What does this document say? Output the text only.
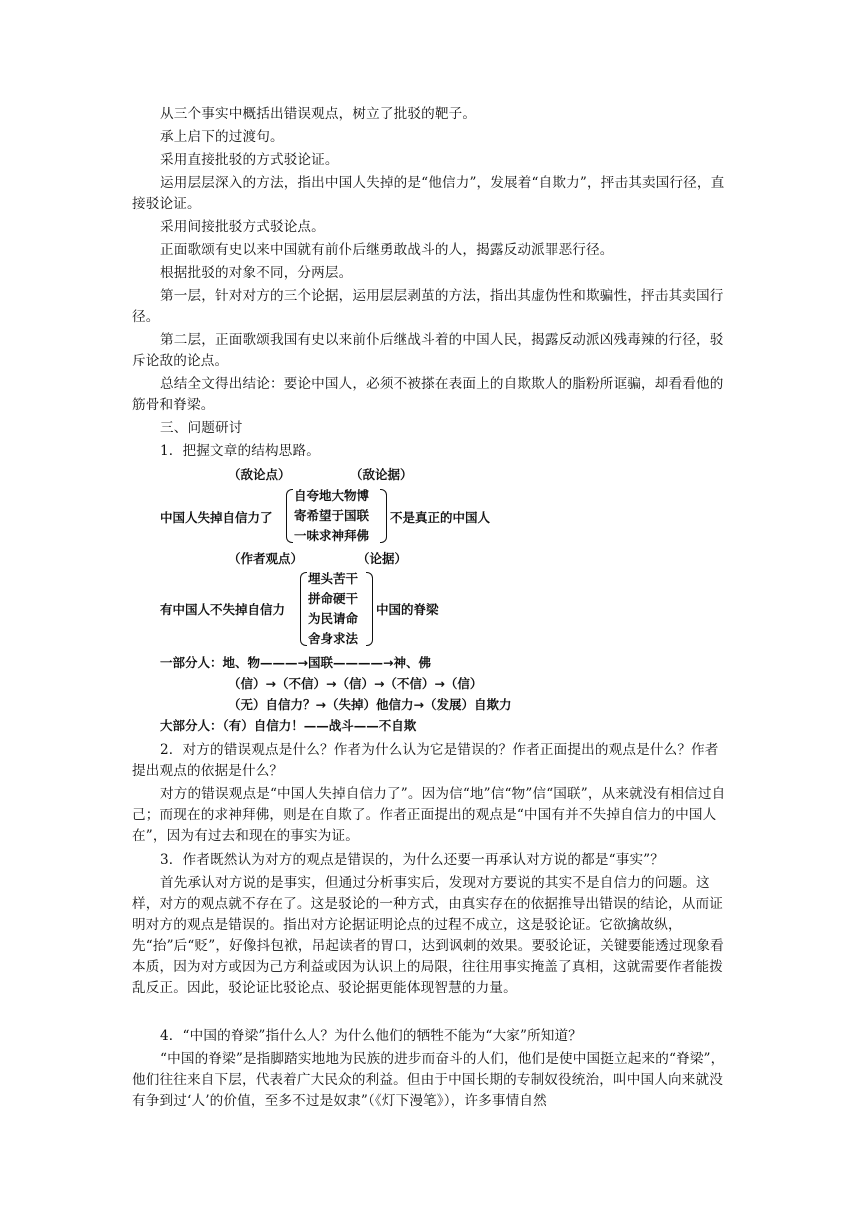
从三个事实中概括出错误观点，树立了批驳的靶子。
承上启下的过渡句。
采用直接批驳的方式驳论证。
运用层层深入的方法，指出中国人失掉的是“他信力”，发展着“自欺力”，抨击其卖国行径，直接驳论证。
采用间接批驳方式驳论点。
正面歌颂有史以来中国就有前仆后继勇敢战斗的人，揭露反动派罪恶行径。
根据批驳的对象不同，分两层。
第一层，针对对方的三个论据，运用层层剥茧的方法，指出其虚伪性和欺骗性，抨击其卖国行径。
第二层，正面歌颂我国有史以来前仆后继战斗着的中国人民，揭露反动派凶残毒辣的行径，驳斥论敌的论点。
总结全文得出结论：要论中国人，必须不被搽在表面上的自欺欺人的脂粉所诓骗，却看看他的筋骨和脊梁。
三、问题研讨
1．把握文章的结构思路。
（敌论点）	（敌论据）
中国人失掉自信力了
自夸地大物博
寄希望于国联
一味求神拜佛
不是真正的中国人
（作者观点）	（论据）
有中国人不失掉自信力
埋头苦干
拼命硬干
为民请命
舍身求法
中国的脊梁
一部分人：地、物———→国联————→神、佛
（信）→（不信）→（信）→（不信）→（信）
（无）自信力？→（失掉）他信力→（发展）自欺力
大部分人：（有）自信力！——战斗——不自欺
2．对方的错误观点是什么？作者为什么认为它是错误的？作者正面提出的观点是什么？作者提出观点的依据是什么？
对方的错误观点是“中国人失掉自信力了”。因为信“地”信“物”信“国联”，从来就没有相信过自己；而现在的求神拜佛，则是在自欺了。作者正面提出的观点是“中国有并不失掉自信力的中国人在”，因为有过去和现在的事实为证。
3．作者既然认为对方的观点是错误的，为什么还要一再承认对方说的都是“事实”？
首先承认对方说的是事实，但通过分析事实后，发现对方要说的其实不是自信力的问题。这样，对方的观点就不存在了。这是驳论的一种方式，由真实存在的依据推导出错误的结论，从而证明对方的观点是错误的。指出对方论据证明论点的过程不成立，这是驳论证。它欲擒故纵，先“抬”后“贬”，好像抖包袱，吊起读者的胃口，达到讽刺的效果。要驳论证，关键要能透过现象看本质，因为对方或因为己方利益或因为认识上的局限，往往用事实掩盖了真相，这就需要作者能拨乱反正。因此，驳论证比驳论点、驳论据更能体现智慧的力量。
4．“中国的脊梁”指什么人？为什么他们的牺牲不能为“大家”所知道？
“中国的脊梁”是指脚踏实地地为民族的进步而奋斗的人们，他们是使中国挺立起来的“脊梁”，他们往往来自下层，代表着广大民众的利益。但由于中国长期的专制奴役统治，叫中国人向来就没有争到过‘人’的价值，至多不过是奴隶”（《灯下漫笔》），许多事情自然
